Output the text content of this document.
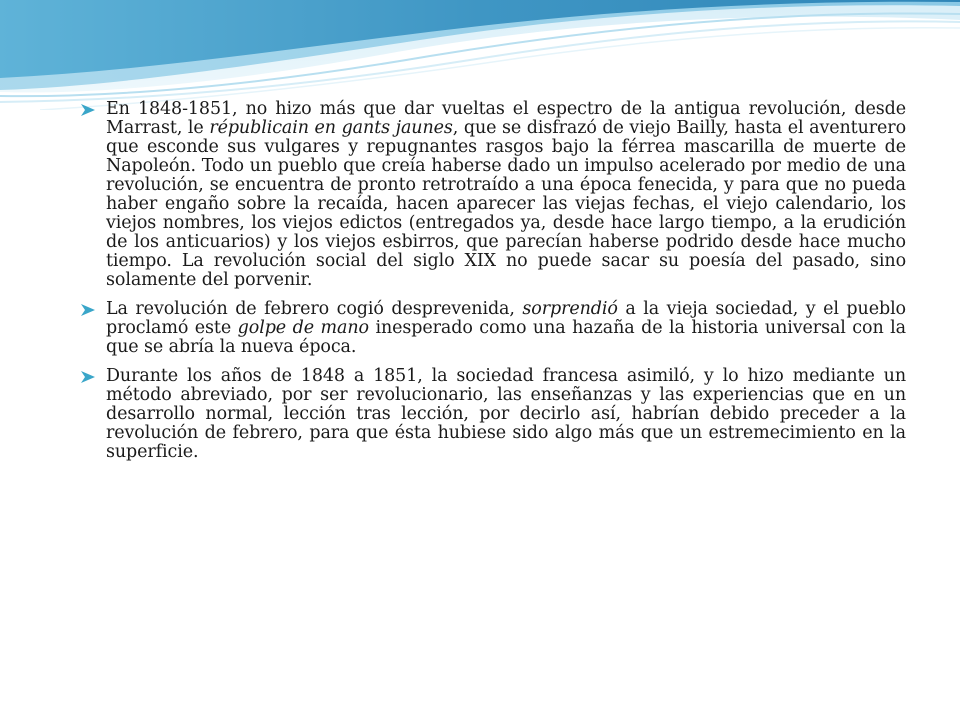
En 1848-1851, no hizo más que dar vueltas el espectro de la antigua revolución, desde Marrast, le républicain en gants jaunes, que se disfrazó de viejo Bailly, hasta el aventurero que esconde sus vulgares y repugnantes rasgos bajo la férrea mascarilla de muerte de Napoleón. Todo un pueblo que creía haberse dado un impulso acelerado por medio de una revolución, se encuentra de pronto retrotraído a una época fenecida, y para que no pueda haber engaño sobre la recaída, hacen aparecer las viejas fechas, el viejo calendario, los viejos nombres, los viejos edictos (entregados ya, desde hace largo tiempo, a la erudición de los anticuarios) y los viejos esbirros, que parecían haberse podrido desde hace mucho tiempo. La revolución social del siglo XIX no puede sacar su poesía del pasado, sino solamente del porvenir.
La revolución de febrero cogió desprevenida, sorprendió a la vieja sociedad, y el pueblo proclamó este golpe de mano inesperado como una hazaña de la historia universal con la que se abría la nueva época.
Durante los años de 1848 a 1851, la sociedad francesa asimiló, y lo hizo mediante un método abreviado, por ser revolucionario, las enseñanzas y las experiencias que en un desarrollo normal, lección tras lección, por decirlo así, habrían debido preceder a la revolución de febrero, para que ésta hubiese sido algo más que un estremecimiento en la superficie.
